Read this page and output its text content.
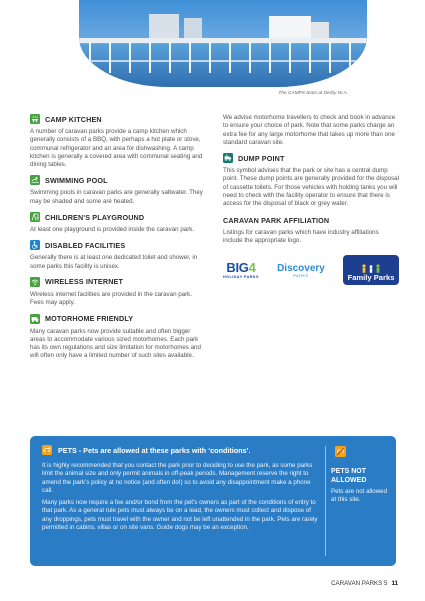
The CAMPS team at Derby W.A.
CAMP KITCHEN

A number of caravan parks provide a camp kitchen which generally consists of a BBQ, with perhaps a hot plate or stove, communal refrigerator and an area for dishwashing. A camp kitchen is generally a covered area with communal seating and dining tables.

SWIMMING POOL

Swimming pools in caravan parks are generally saltwater. They may be shaded and some are heated.

CHILDREN'S PLAYGROUND

At least one playground is provided inside the caravan park.

DISABLED FACILITIES

Generally there is at least one dedicated toilet and shower, in some parks this facility is unisex.

WIRELESS INTERNET

Wireless internet facilities are provided in the caravan park. Fees may apply.

MOTORHOME FRIENDLY

Many caravan parks now provide suitable and often bigger areas to accommodate various sized motorhomes. Each park has its own regulations and size limitation for motorhomes and will often only have a limited number of such sites available.

We advise motorhome travellers to check and book in advance to ensure your choice of park. Note that some parks charge an extra fee for any large motorhome that takes up more than one standard caravan site.

DUMP POINT

This symbol advises that the park or site has a central dump point. These dump points are generally provided for the disposal of cassette toilets. For those vehicles with holding tanks you will need to check with the facility operator to ensure that there is access for the disposal of black or grey water.

CARAVAN PARK AFFILIATION

Listings for caravan parks which have industry affiliations include the appropriate logo.

BIG4
HOLIDAY PARKS
Discovery
PARKS	Family Parks
PETS - Pets are allowed at these parks with ‘conditions’.

It is highly recommended that you contact the park prior to deciding to use the park, as some parks limit the animal size and only permit animals in off-peak periods. Management reserve the right to amend the park’s policy at no notice (and often do!) so to avoid any disappointment make a phone call.

Many parks now require a fee and/or bond from the pet’s owners as part of the conditions of entry to that park. As a general rule pets must always be on a lead, the owners must collect and dispose of any droppings, pets must travel with the owner and not be left unattended in the park. Pets are rarely permitted in cabins, villas or on site vans. Guide dogs may be an exception.

PETS NOT ALLOWED

Pets are not allowed at this site.

CARAVAN PARKS 5 11
